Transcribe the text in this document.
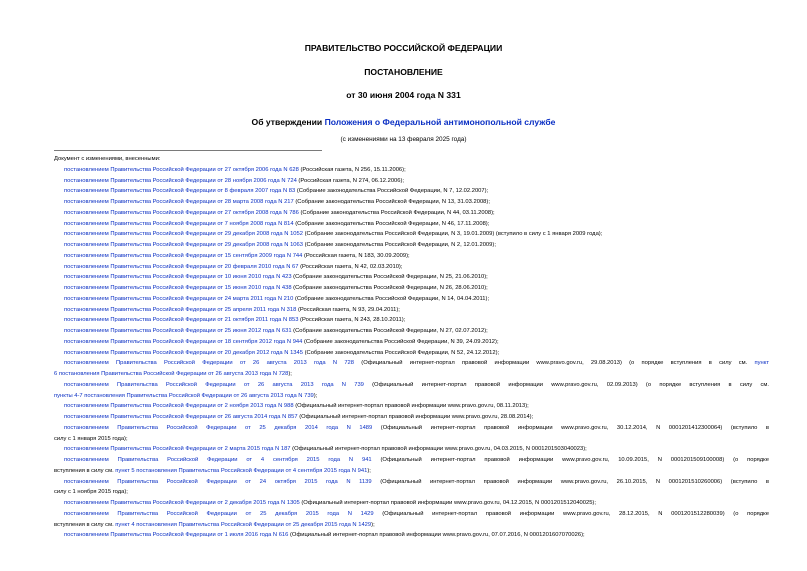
ПРАВИТЕЛЬСТВО РОССИЙСКОЙ ФЕДЕРАЦИИ
ПОСТАНОВЛЕНИЕ
от 30 июня 2004 года N 331
Об утверждении Положения о Федеральной антимонопольной службе
(с изменениями на 13 февраля 2025 года)
Документ с изменениями, внесенными:
постановлением Правительства Российской Федерации от 27 октября 2006 года N 628 (Российская газета, N 256, 15.11.2006);
постановлением Правительства Российской Федерации от 28 ноября 2006 года N 724 (Российская газета, N 274, 06.12.2006);
постановлением Правительства Российской Федерации от 8 февраля 2007 года N 83 (Собрание законодательства Российской Федерации, N 7, 12.02.2007);
постановлением Правительства Российской Федерации от 28 марта 2008 года N 217 (Собрание законодательства Российской Федерации, N 13, 31.03.2008);
постановлением Правительства Российской Федерации от 27 октября 2008 года N 786 (Собрание законодательства Российской Федерации, N 44, 03.11.2008);
постановлением Правительства Российской Федерации от 7 ноября 2008 года N 814 (Собрание законодательства Российской Федерации, N 46, 17.11.2008);
постановлением Правительства Российской Федерации от 29 декабря 2008 года N 1052 (Собрание законодательства Российской Федерации, N 3, 19.01.2009) (вступило в силу с 1 января 2009 года);
постановлением Правительства Российской Федерации от 29 декабря 2008 года N 1063 (Собрание законодательства Российской Федерации, N 2, 12.01.2009);
постановлением Правительства Российской Федерации от 15 сентября 2009 года N 744 (Российская газета, N 183, 30.09.2009);
постановлением Правительства Российской Федерации от 20 февраля 2010 года N 67 (Российская газета, N 42, 02.03.2010);
постановлением Правительства Российской Федерации от 10 июня 2010 года N 423 (Собрание законодательства Российской Федерации, N 25, 21.06.2010);
постановлением Правительства Российской Федерации от 15 июня 2010 года N 438 (Собрание законодательства Российской Федерации, N 26, 28.06.2010);
постановлением Правительства Российской Федерации от 24 марта 2011 года N 210 (Собрание законодательства Российской Федерации, N 14, 04.04.2011);
постановлением Правительства Российской Федерации от 25 апреля 2011 года N 318 (Российская газета, N 93, 29.04.2011);
постановлением Правительства Российской Федерации от 21 октября 2011 года N 853 (Российская газета, N 243, 28.10.2011);
постановлением Правительства Российской Федерации от 25 июня 2012 года N 631 (Собрание законодательства Российской Федерации, N 27, 02.07.2012);
постановлением Правительства Российской Федерации от 18 сентября 2012 года N 944 (Собрание законодательства Российской Федерации, N 39, 24.09.2012);
постановлением Правительства Российской Федерации от 20 декабря 2012 года N 1345 (Собрание законодательства Российской Федерации, N 52, 24.12.2012);
постановлением Правительства Российской Федерации от 26 августа 2013 года N 728 (Официальный интернет-портал правовой информации www.pravo.gov.ru, 29.08.2013) (о порядке вступления в силу см. пункт
6 постановления Правительства Российской Федерации от 26 августа 2013 года N 728);
постановлением Правительства Российской Федерации от 26 августа 2013 года N 739 (Официальный интернет-портал правовой информации www.pravo.gov.ru, 02.09.2013) (о порядке вступления в силу см.
пункты 4-7 постановления Правительства Российской Федерации от 26 августа 2013 года N 739);
постановлением Правительства Российской Федерации от 2 ноября 2013 года N 988 (Официальный интернет-портал правовой информации www.pravo.gov.ru, 08.11.2013);
постановлением Правительства Российской Федерации от 26 августа 2014 года N 857 (Официальный интернет-портал правовой информации www.pravo.gov.ru, 28.08.2014);
постановлением Правительства Российской Федерации от 25 декабря 2014 года N 1489 (Официальный интернет-портал правовой информации www.pravo.gov.ru, 30.12.2014, N 0001201412300064) (вступило в
силу с 1 января 2015 года);
постановлением Правительства Российской Федерации от 2 марта 2015 года N 187 (Официальный интернет-портал правовой информации www.pravo.gov.ru, 04.03.2015, N 0001201503040023);
постановлением Правительства Российской Федерации от 4 сентября 2015 года N 941 (Официальный интернет-портал правовой информации www.pravo.gov.ru, 10.09.2015, N 0001201509100008) (о порядке
вступления в силу см. пункт 5 постановления Правительства Российской Федерации от 4 сентября 2015 года N 941);
постановлением Правительства Российской Федерации от 24 октября 2015 года N 1139 (Официальный интернет-портал правовой информации www.pravo.gov.ru, 26.10.2015, N 0001201510260006) (вступило в
силу с 1 ноября 2015 года);
постановлением Правительства Российской Федерации от 2 декабря 2015 года N 1305 (Официальный интернет-портал правовой информации www.pravo.gov.ru, 04.12.2015, N 0001201512040025);
постановлением Правительства Российской Федерации от 25 декабря 2015 года N 1429 (Официальный интернет-портал правовой информации www.pravo.gov.ru, 28.12.2015, N 0001201512280039) (о порядке
вступления в силу см. пункт 4 постановления Правительства Российской Федерации от 25 декабря 2015 года N 1429);
постановлением Правительства Российской Федерации от 1 июля 2016 года N 616 (Официальный интернет-портал правовой информации www.pravo.gov.ru, 07.07.2016, N 0001201607070026);
